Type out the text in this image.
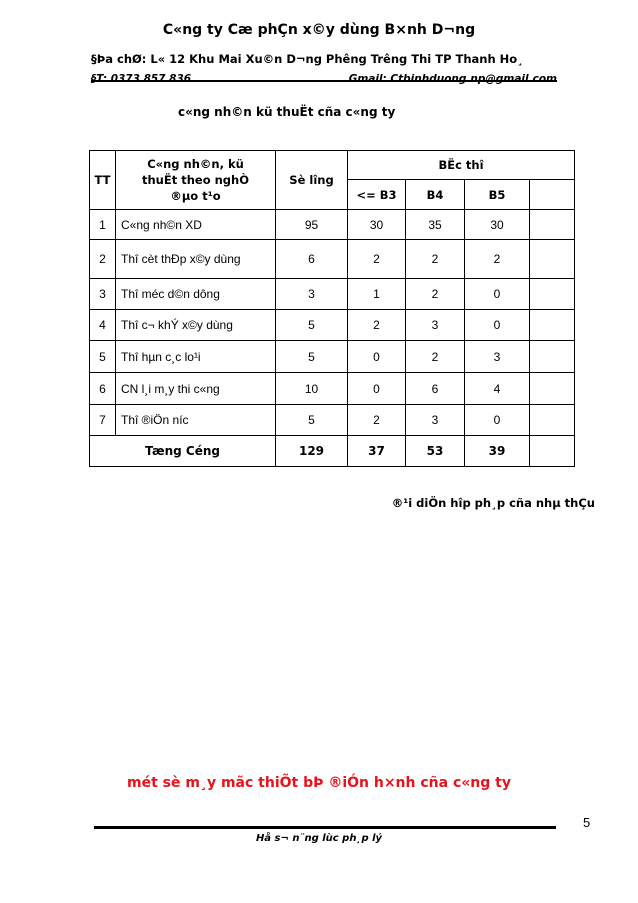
C«ng ty Cæ phÇn x©y dùng B×nh D¬ng
§Þa chØ: L« 12 Khu Mai Xu©n D¬ng Phêng Trêng Thi TP Thanh Ho¸
§T: 0373 857 836	Gmail: Ctbinhduong.np@gmail.com
c«ng nh©n kü thuËt cña c«ng ty
TT	C«ng nh©n, kü
thuËt theo nghÒ
®µo t¹o	Sè lîng	BËc thî			
			<= B3	B4	B5	
1	C«ng nh©n XD	95	30	35	30	
2	Thî cèt thÐp x©y dùng	6	2	2	2	
3	Thî méc d©n dông	3	1	2	0	
4	Thî c¬ khÝ x©y dùng	5	2	3	0	
5	Thî hµn c¸c lo¹i	5	0	2	3	
6	CN l¸i m¸y thi c«ng	10	0	6	4	
7	Thî ®iÖn níc	5	2	3	0	
Tæng Céng		129	37	53	39	
®¹i diÖn hîp ph¸p cña nhµ thÇu
mét sè m¸y mãc thiÕt bÞ ®iÓn h×nh cña c«ng ty
5
Hå s¬ n¨ng lùc ph¸p lý
